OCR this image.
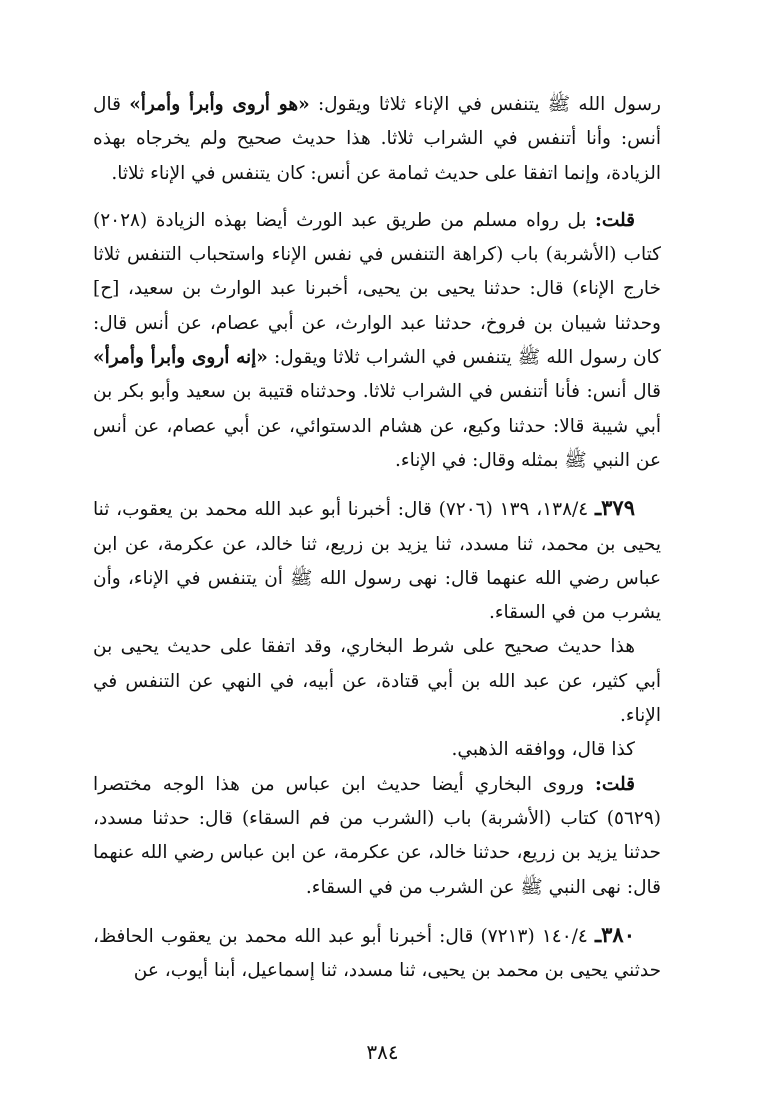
رسول الله ﷺ يتنفس في الإناء ثلاثا ويقول: «هو أروى وأبرأ وأمرأ» قال أنس: وأنا أتنفس في الشراب ثلاثا. هذا حديث صحيح ولم يخرجاه بهذه الزيادة، وإنما اتفقا على حديث ثمامة عن أنس: كان يتنفس في الإناء ثلاثا.

قلت: بل رواه مسلم من طريق عبد الورث أيضا بهذه الزيادة (٢٠٢٨) كتاب (الأشربة) باب (كراهة التنفس في نفس الإناء واستحباب التنفس ثلاثا خارج الإناء) قال: حدثنا يحيى بن يحيى، أخبرنا عبد الوارث بن سعيد، [ح] وحدثنا شيبان بن فروخ، حدثنا عبد الوارث، عن أبي عصام، عن أنس قال: كان رسول الله ﷺ يتنفس في الشراب ثلاثا ويقول: «إنه أروى وأبرأ وأمرأ» قال أنس: فأنا أتنفس في الشراب ثلاثا. وحدثناه قتيبة بن سعيد وأبو بكر بن أبي شيبة قالا: حدثنا وكيع، عن هشام الدستوائي، عن أبي عصام، عن أنس عن النبي ﷺ بمثله وقال: في الإناء.

٣٧٩ـ ١٣٨/٤، ١٣٩ (٧٢٠٦) قال: أخبرنا أبو عبد الله محمد بن يعقوب، ثنا يحيى بن محمد، ثنا مسدد، ثنا يزيد بن زريع، ثنا خالد، عن عكرمة، عن ابن عباس رضي الله عنهما قال: نهى رسول الله ﷺ أن يتنفس في الإناء، وأن يشرب من في السقاء.

هذا حديث صحيح على شرط البخاري، وقد اتفقا على حديث يحيى بن أبي كثير، عن عبد الله بن أبي قتادة، عن أبيه، في النهي عن التنفس في الإناء.

كذا قال، ووافقه الذهبي.

قلت: وروى البخاري أيضا حديث ابن عباس من هذا الوجه مختصرا (٥٦٢٩) كتاب (الأشربة) باب (الشرب من فم السقاء) قال: حدثنا مسدد، حدثنا يزيد بن زريع، حدثنا خالد، عن عكرمة، عن ابن عباس رضي الله عنهما قال: نهى النبي ﷺ عن الشرب من في السقاء.

٣٨٠ـ ١٤٠/٤ (٧٢١٣) قال: أخبرنا أبو عبد الله محمد بن يعقوب الحافظ، حدثني يحيى بن محمد بن يحيى، ثنا مسدد، ثنا إسماعيل، أبنا أيوب، عن

٣٨٤
